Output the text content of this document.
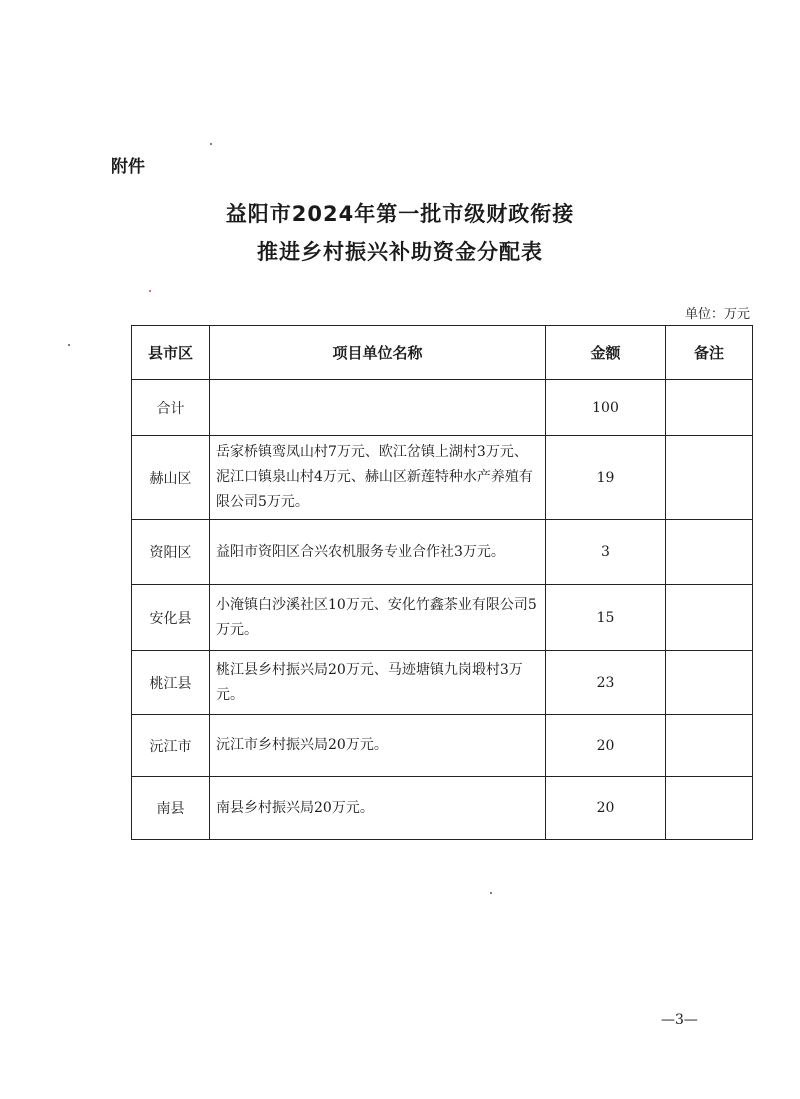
附件
益阳市2024年第一批市级财政衔接
推进乡村振兴补助资金分配表
单位：万元
县市区	项目单位名称	金额	备注
合计		100	
赫山区	岳家桥镇鸾凤山村7万元、欧江岔镇上湖村3万元、泥江口镇泉山村4万元、赫山区新莲特种水产养殖有限公司5万元。	19	
资阳区	益阳市资阳区合兴农机服务专业合作社3万元。	3	
安化县	小淹镇白沙溪社区10万元、安化竹鑫茶业有限公司5万元。	15	
桃江县	桃江县乡村振兴局20万元、马迹塘镇九岗塅村3万元。	23	
沅江市	沅江市乡村振兴局20万元。	20	
南县	南县乡村振兴局20万元。	20	
—3—
